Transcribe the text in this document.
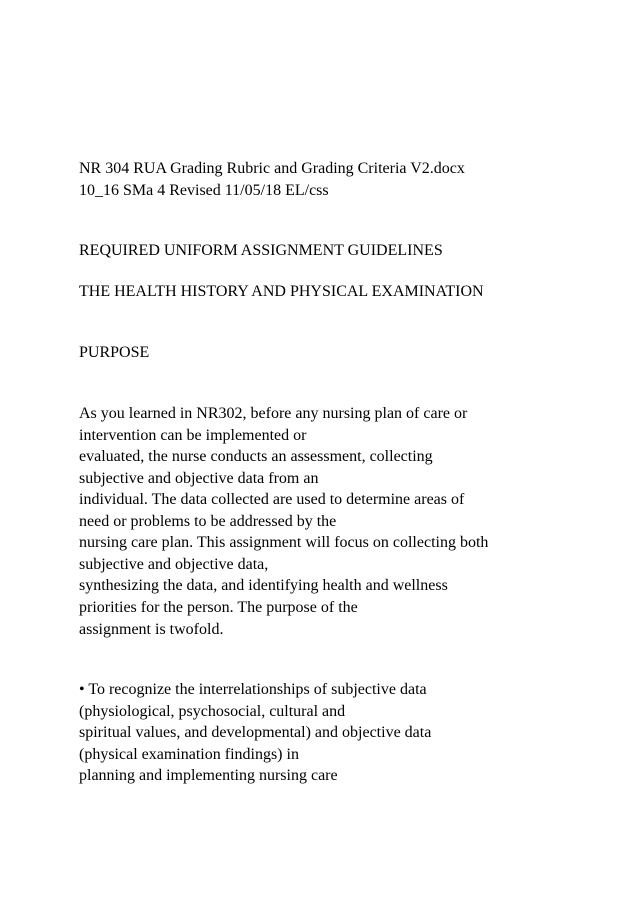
NR 304 RUA Grading Rubric and Grading Criteria V2.docx
10_16 SMa 4 Revised 11/05/18 EL/css
REQUIRED UNIFORM ASSIGNMENT GUIDELINES
THE HEALTH HISTORY AND PHYSICAL EXAMINATION
PURPOSE
As you learned in NR302, before any nursing plan of care or
intervention can be implemented or
evaluated, the nurse conducts an assessment, collecting
subjective and objective data from an
individual. The data collected are used to determine areas of
need or problems to be addressed by the
nursing care plan. This assignment will focus on collecting both
subjective and objective data,
synthesizing the data, and identifying health and wellness
priorities for the person. The purpose of the
assignment is twofold.
• To recognize the interrelationships of subjective data
(physiological, psychosocial, cultural and
spiritual values, and developmental) and objective data
(physical examination findings) in
planning and implementing nursing care
